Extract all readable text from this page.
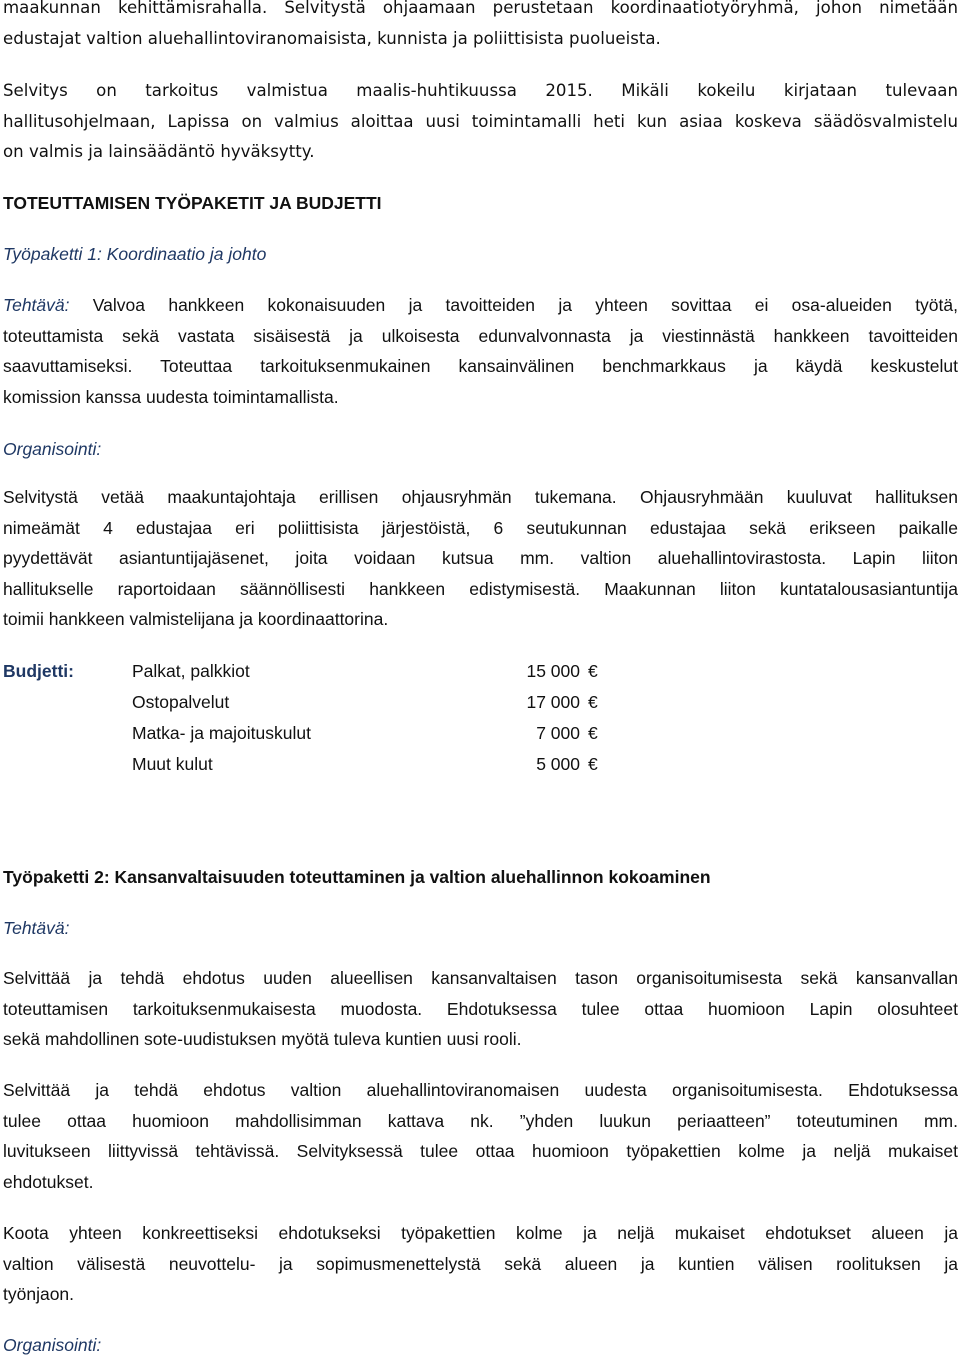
maakunnan kehittämisrahalla. Selvitystä ohjaamaan perustetaan koordinaatiotyöryhmä, johon nimetään
edustajat valtion aluehallintoviranomaisista, kunnista ja poliittisista puolueista.
Selvitys on tarkoitus valmistua maalis-huhtikuussa 2015. Mikäli kokeilu kirjataan tulevaan
hallitusohjelmaan, Lapissa on valmius aloittaa uusi toimintamalli heti kun asiaa koskeva säädösvalmistelu
on valmis ja lainsäädäntö hyväksytty.
TOTEUTTAMISEN TYÖPAKETIT JA BUDJETTI
Työpaketti 1: Koordinaatio ja johto
Tehtävä: Valvoa hankkeen kokonaisuuden ja tavoitteiden ja yhteen sovittaa ei osa-alueiden työtä,
toteuttamista sekä vastata sisäisestä ja ulkoisesta edunvalvonnasta ja viestinnästä hankkeen tavoitteiden
saavuttamiseksi. Toteuttaa tarkoituksenmukainen kansainvälinen benchmarkkaus ja käydä keskustelut
komission kanssa uudesta toimintamallista.
Organisointi:
Selvitystä vetää maakuntajohtaja erillisen ohjausryhmän tukemana. Ohjausryhmään kuuluvat hallituksen
nimeämät 4 edustajaa eri poliittisista järjestöistä, 6 seutukunnan edustajaa sekä erikseen paikalle
pyydettävät asiantuntijajäsenet, joita voidaan kutsua mm. valtion aluehallintovirastosta. Lapin liiton
hallitukselle raportoidaan säännöllisesti hankkeen edistymisestä. Maakunnan liiton kuntatalousasiantuntija
toimii hankkeen valmistelijana ja koordinaattorina.
Budjetti:	Palkat, palkkiot	15 000 €
Ostopalvelut	17 000 €
Matka- ja majoituskulut	7 000 €
Muut kulut	5 000 €
Työpaketti 2: Kansanvaltaisuuden toteuttaminen ja valtion aluehallinnon kokoaminen
Tehtävä:
Selvittää ja tehdä ehdotus uuden alueellisen kansanvaltaisen tason organisoitumisesta sekä kansanvallan
toteuttamisen tarkoituksenmukaisesta muodosta. Ehdotuksessa tulee ottaa huomioon Lapin olosuhteet
sekä mahdollinen sote-uudistuksen myötä tuleva kuntien uusi rooli.
Selvittää ja tehdä ehdotus valtion aluehallintoviranomaisen uudesta organisoitumisesta. Ehdotuksessa
tulee ottaa huomioon mahdollisimman kattava nk. ”yhden luukun periaatteen” toteutuminen mm.
luvitukseen liittyvissä tehtävissä. Selvityksessä tulee ottaa huomioon työpakettien kolme ja neljä mukaiset
ehdotukset.
Koota yhteen konkreettiseksi ehdotukseksi työpakettien kolme ja neljä mukaiset ehdotukset alueen ja
valtion välisestä neuvottelu- ja sopimusmenettelystä sekä alueen ja kuntien välisen roolituksen ja
työnjaon.
Organisointi:
